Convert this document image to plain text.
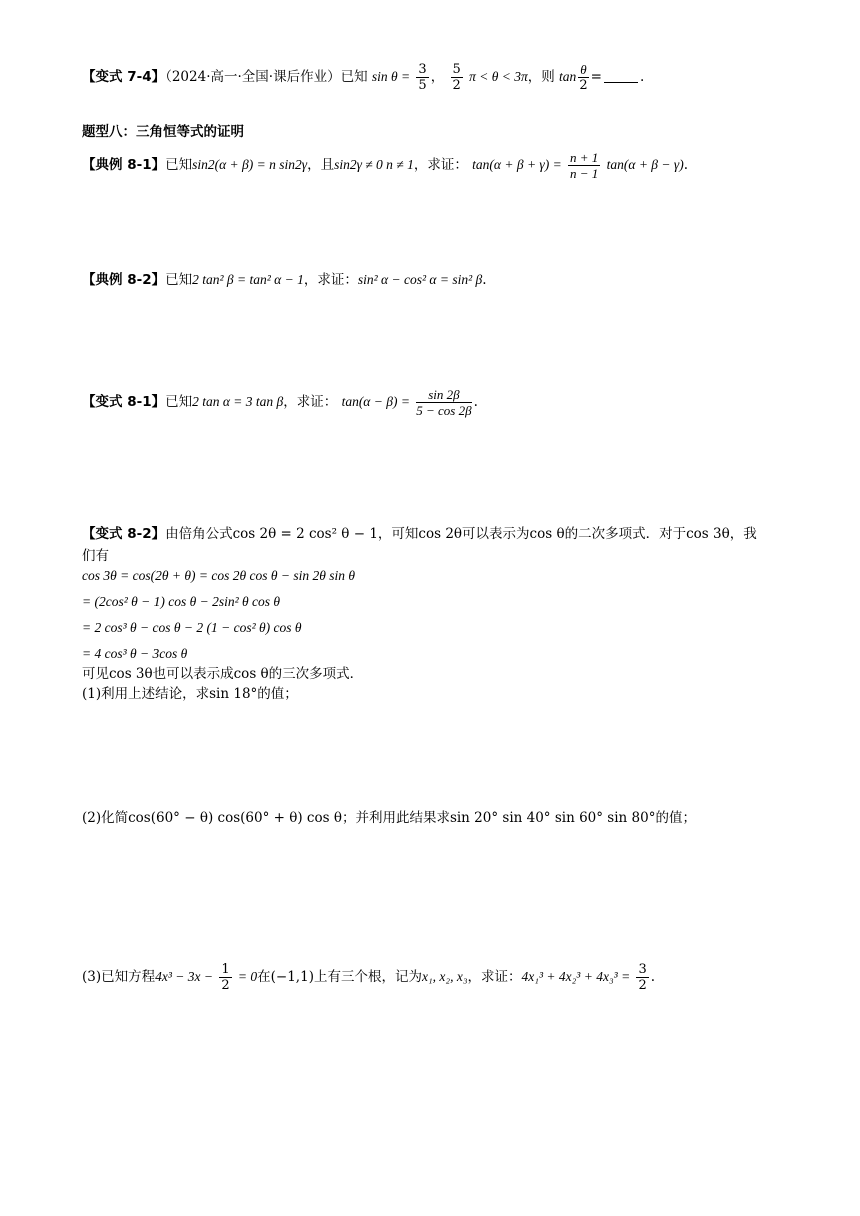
【变式 7-4】（2024·高一·全国·课后作业）已知 $\sin \theta = \frac{3}{5}$ ， $\frac{5}{2}$ π < θ < 3π，则 $\tan \frac{\theta}{2}$ =	.
题型八：三角恒等式的证明
【典例 8-1】已知sin2(α + β) = n sin2γ，且sin2γ ≠ 0 n ≠ 1，求证： $\tan(\alpha + \beta + \gamma) = \frac{n + 1}{n - 1} \tan(\alpha + \beta - \gamma)$.
【典例 8-2】已知2 tan² β = tan² α − 1，求证：sin² α − cos² α = sin² β.
【变式 8-1】已知2 tan α = 3 tan β，求证： $\tan(\alpha - \beta) = \frac{\sin 2\beta}{5 - \cos 2\beta}$ .
【变式 8-2】由倍角公式cos 2θ = 2 cos² θ − 1，可知cos 2θ可以表示为cos θ的二次多项式．对于cos 3θ，我
们有
cos 3θ = cos(2θ + θ) = cos 2θ cos θ − sin 2θ sin θ
= (2cos² θ − 1) cos θ − 2sin² θ cos θ
= 2 cos³ θ − cos θ − 2 (1 − cos² θ) cos θ
= 4 cos³ θ − 3cos θ
可见cos 3θ也可以表示成cos θ的三次多项式．
(1)利用上述结论，求sin 18°的值；
(2)化简cos(60° − θ) cos(60° + θ) cos θ；并利用此结果求sin 20° sin 40° sin 60° sin 80°的值；
(3)已知方程$4x^3 - 3x - \frac{1}{2} = 0$在(−1,1)上有三个根，记为x₁, x₂, x₃，求证：$4x_1^3 + 4x_2^3 + 4x_3^3 = \frac{3}{2}$ .
